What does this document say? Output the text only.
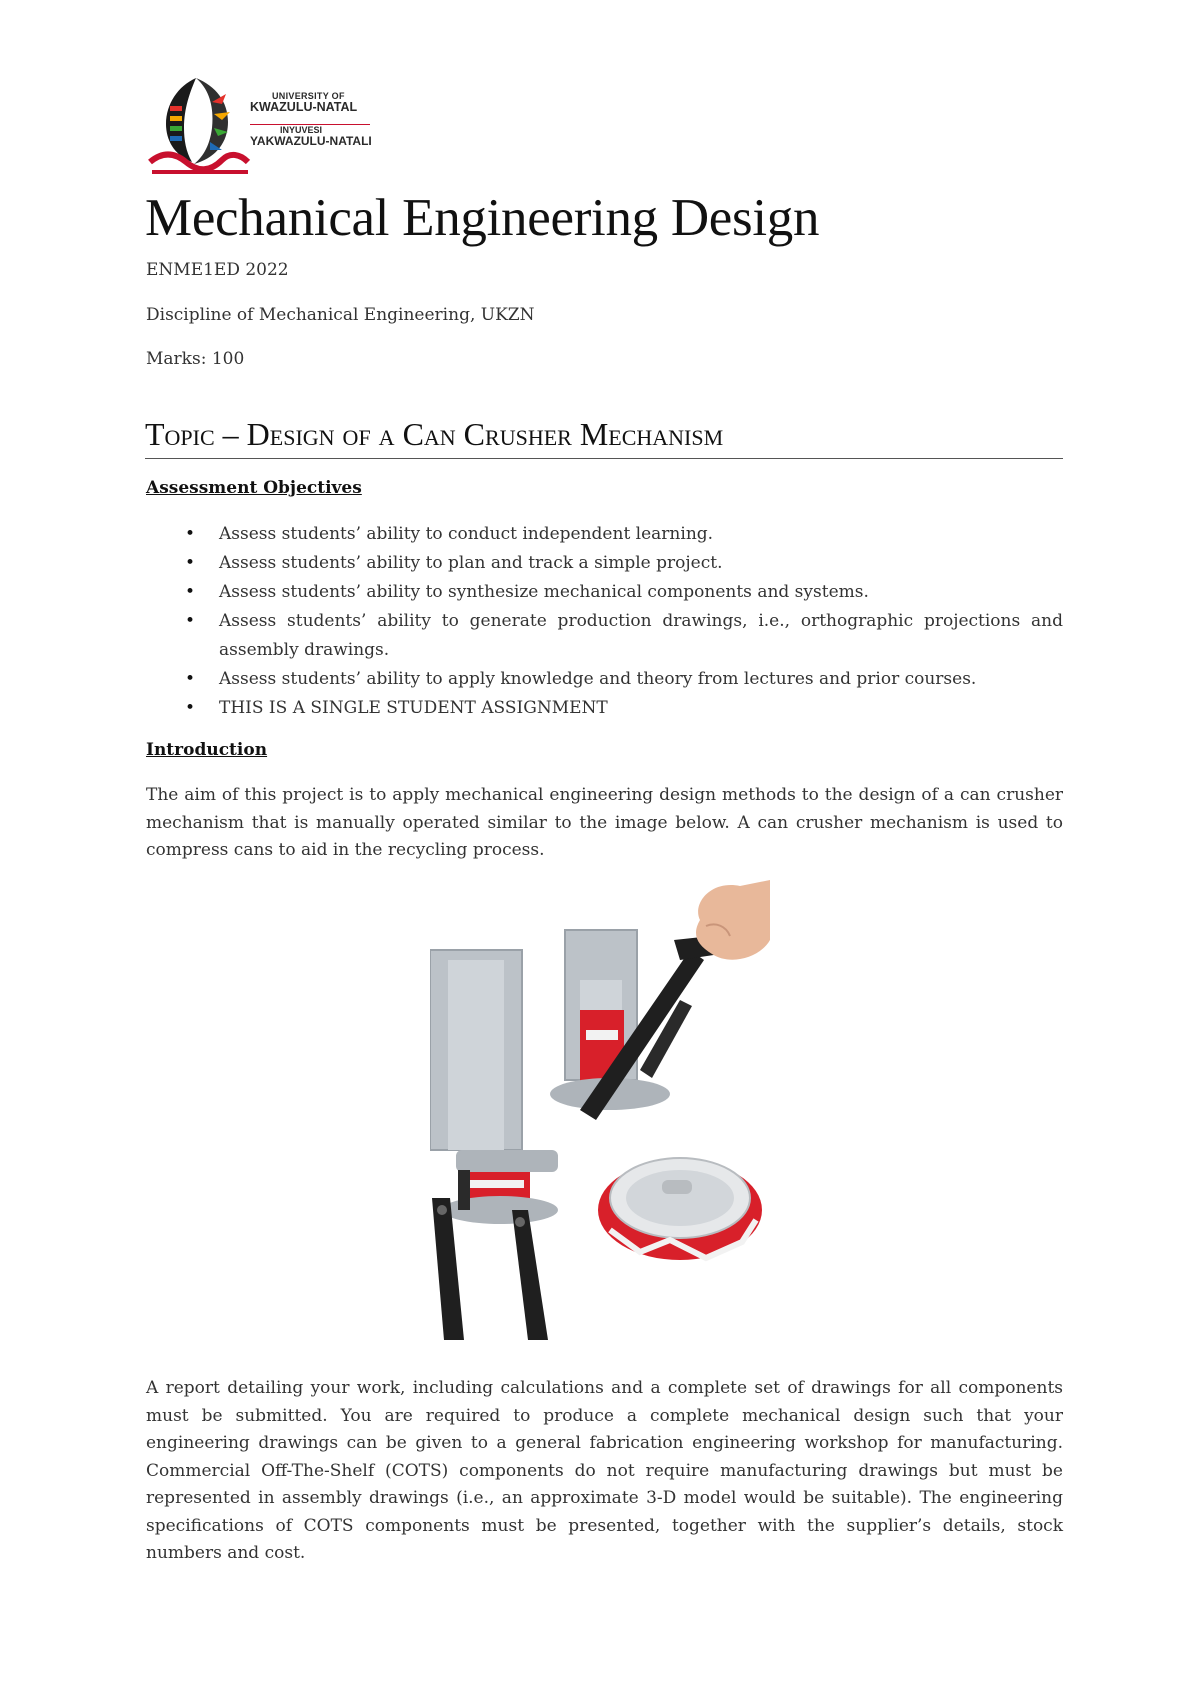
UNIVERSITY OF
KWAZULU-NATAL
INYUVESI
YAKWAZULU-NATALI
Mechanical Engineering Design

ENME1ED 2022

Discipline of Mechanical Engineering, UKZN

Marks: 100

Topic – Design of a Can Crusher Mechanism

Assessment Objectives

• Assess students’ ability to conduct independent learning.
• Assess students’ ability to plan and track a simple project.
• Assess students’ ability to synthesize mechanical components and systems.
• Assess students’ ability to generate production drawings, i.e., orthographic projections and assembly drawings.
• Assess students’ ability to apply knowledge and theory from lectures and prior courses.
• THIS IS A SINGLE STUDENT ASSIGNMENT

Introduction

The aim of this project is to apply mechanical engineering design methods to the design of a can crusher mechanism that is manually operated similar to the image below. A can crusher mechanism is used to compress cans to aid in the recycling process.

A report detailing your work, including calculations and a complete set of drawings for all components must be submitted. You are required to produce a complete mechanical design such that your engineering drawings can be given to a general fabrication engineering workshop for manufacturing. Commercial Off-The-Shelf (COTS) components do not require manufacturing drawings but must be represented in assembly drawings (i.e., an approximate 3-D model would be suitable). The engineering specifications of COTS components must be presented, together with the supplier’s details, stock numbers and cost.
